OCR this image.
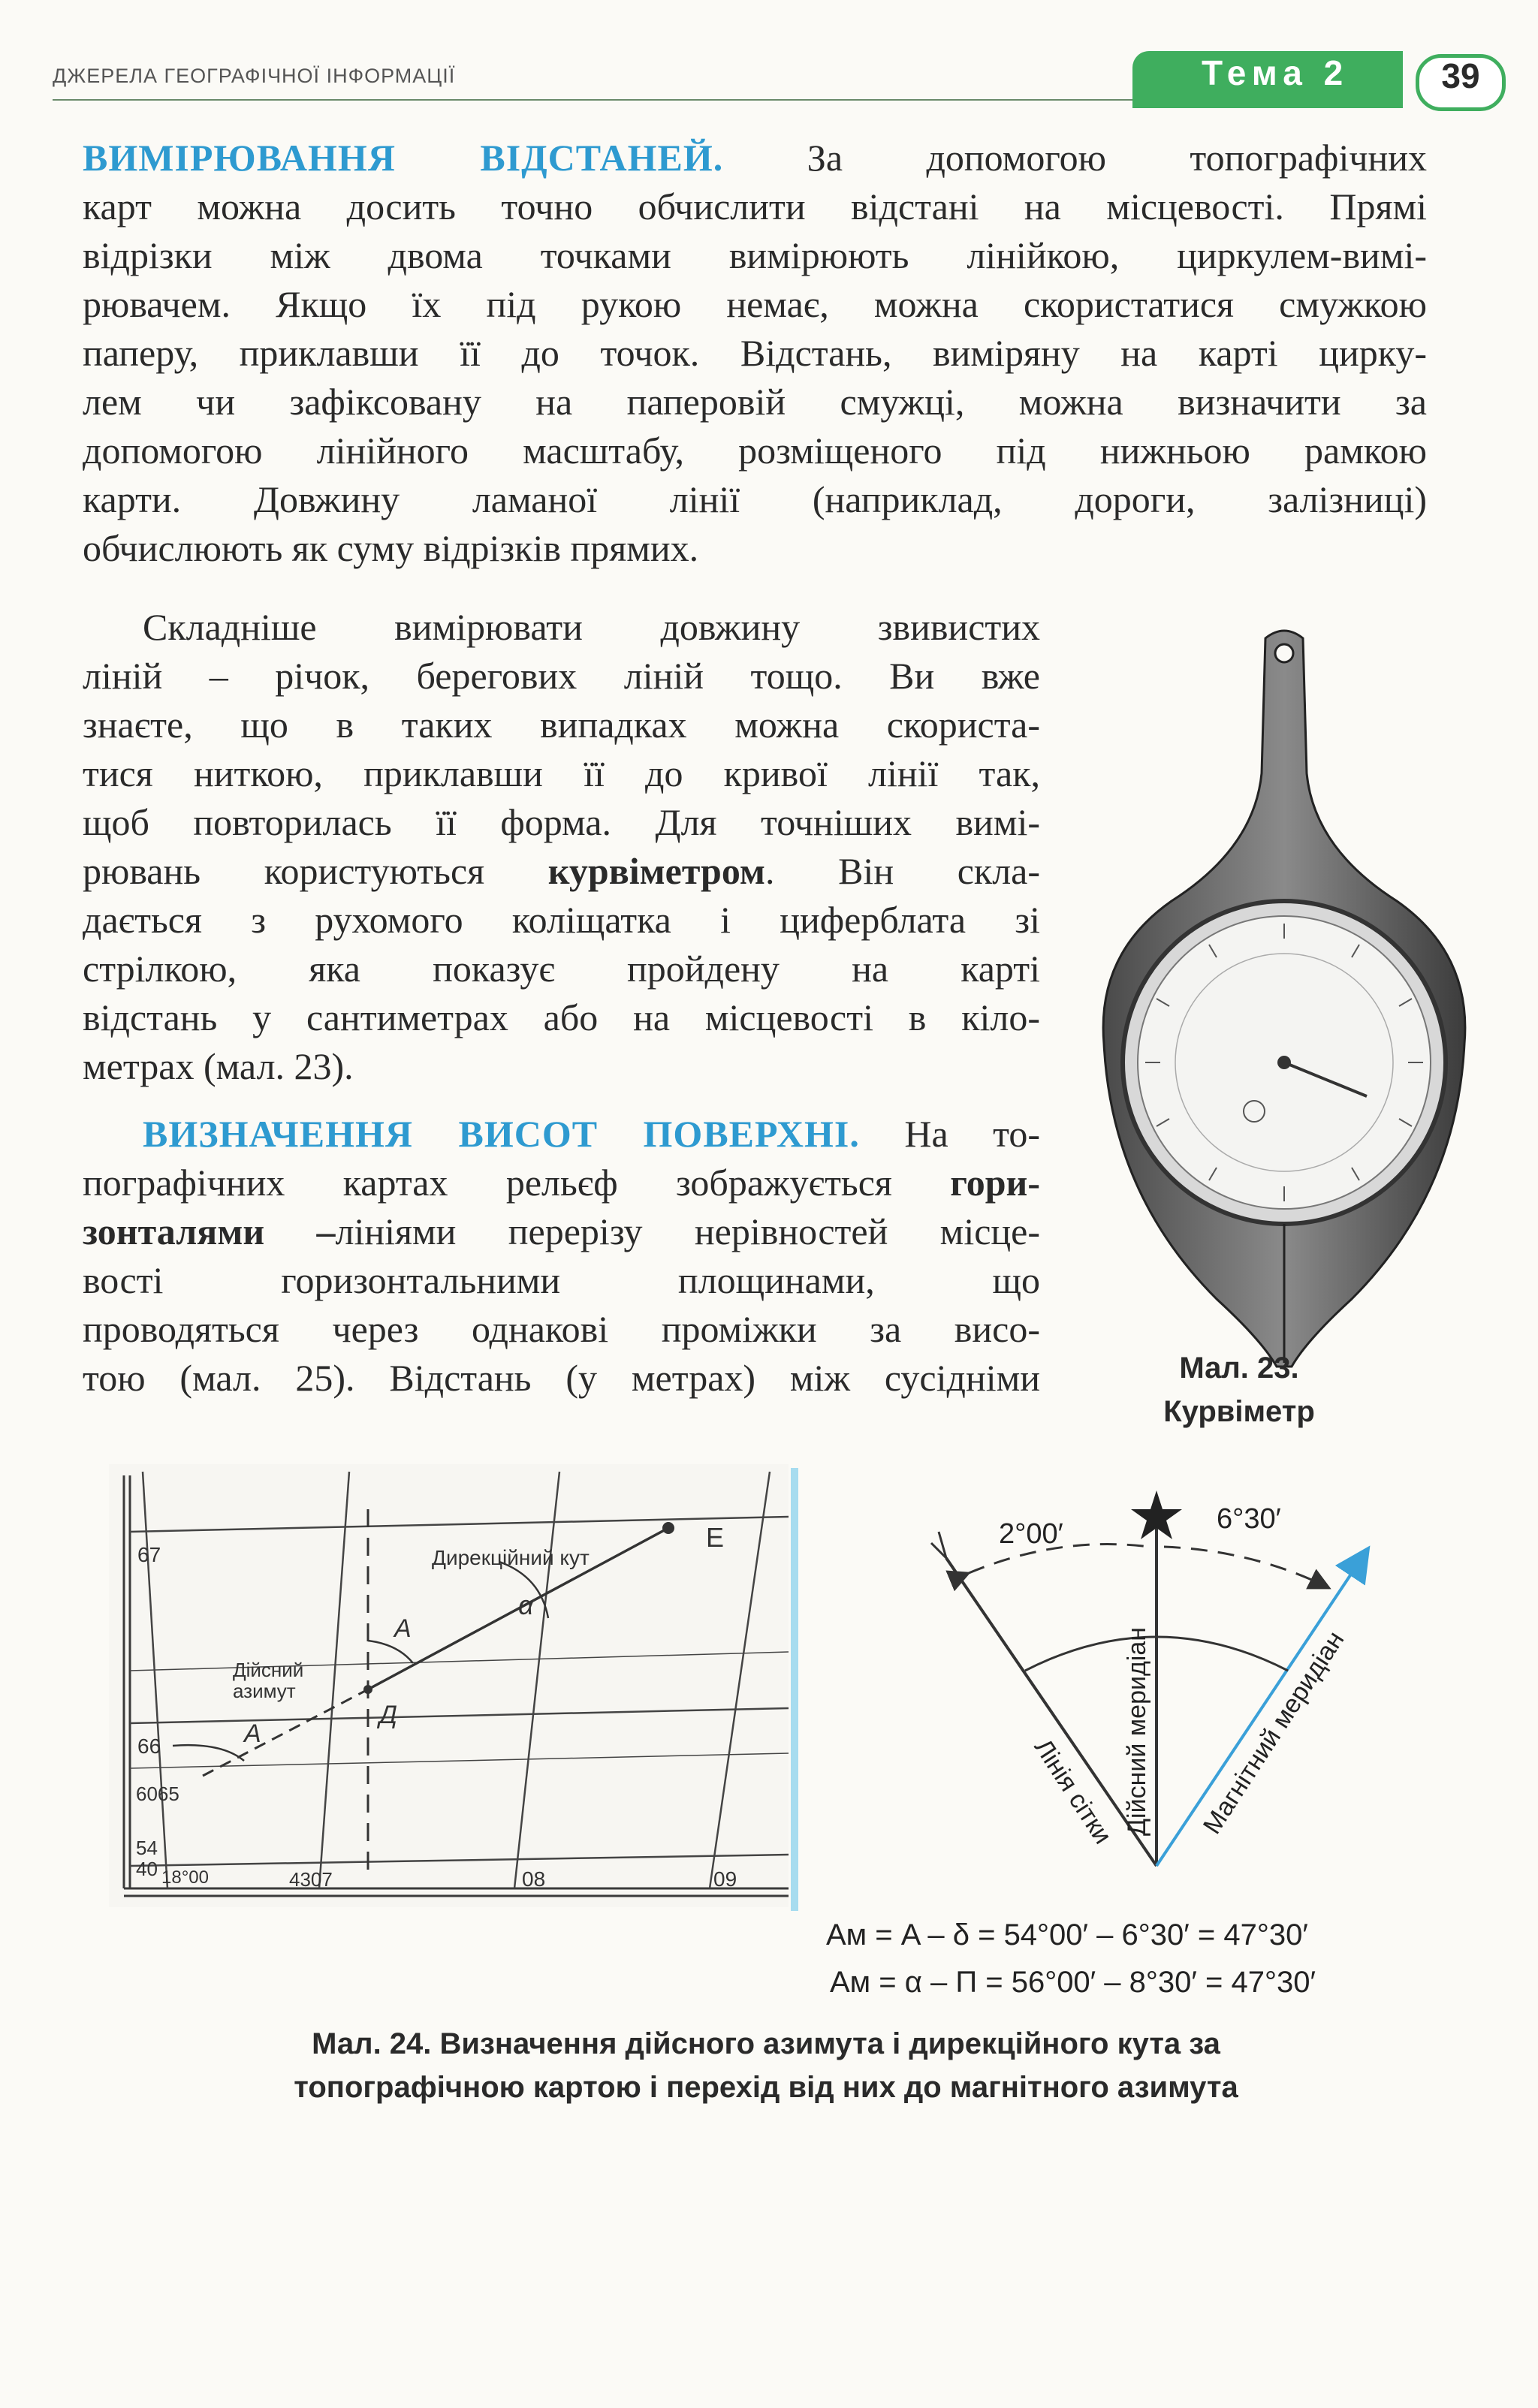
ДЖЕРЕЛА ГЕОГРАФІЧНОЇ ІНФОРМАЦІЇ	Тема 2	39
ВИМІРЮВАННЯ ВІДСТАНЕЙ. За допомогою топографічних
карт можна досить точно обчислити відстані на місцевості. Прямі
відрізки між двома точками вимірюють лінійкою, циркулем-вимі-
рювачем. Якщо їх під рукою немає, можна скористатися смужкою
паперу, приклавши її до точок. Відстань, виміряну на карті цирку-
лем чи зафіксовану на паперовій смужці, можна визначити за
допомогою лінійного масштабу, розміщеного під нижньою рамкою
карти. Довжину ламаної лінії (наприклад, дороги, залізниці)
обчислюють як суму відрізків прямих.
Складніше вимірювати довжину звивистих
ліній – річок, берегових ліній тощо. Ви вже
знаєте, що в таких випадках можна скориста-
тися ниткою, приклавши її до кривої лінії так,
щоб повторилась її форма. Для точніших вимі-
рювань користуються курвіметром. Він скла-
дається з рухомого коліщатка і циферблата зі
стрілкою, яка показує пройдену на карті
відстань у сантиметрах або на місцевості в кіло-
метрах (мал. 23).
ВИЗНАЧЕННЯ ВИСОТ ПОВЕРХНІ. На то-
пографічних картах рельєф зображується гори-
зонталями –лініями перерізу нерівностей місце-
вості горизонтальними площинами, що
проводяться через однакові проміжки за висо-
тою (мал. 25). Відстань (у метрах) між сусідніми	Мал. 23.
Курвіметр
67
66
6065
54
40 18°00	4307	08	09
E
Дирекційний кут
α
Дійсний азимут
А
А
Д
2°00′	6°30′
Дійсний меридіан Магнітний меридіан
Лінія сітки
Aм = A – δ = 54°00′ – 6°30′ = 47°30′
Aм = α – П = 56°00′ – 8°30′ = 47°30′
Мал. 24. Визначення дійсного азимута і дирекційного кута за
топографічною картою і перехід від них до магнітного азимута
